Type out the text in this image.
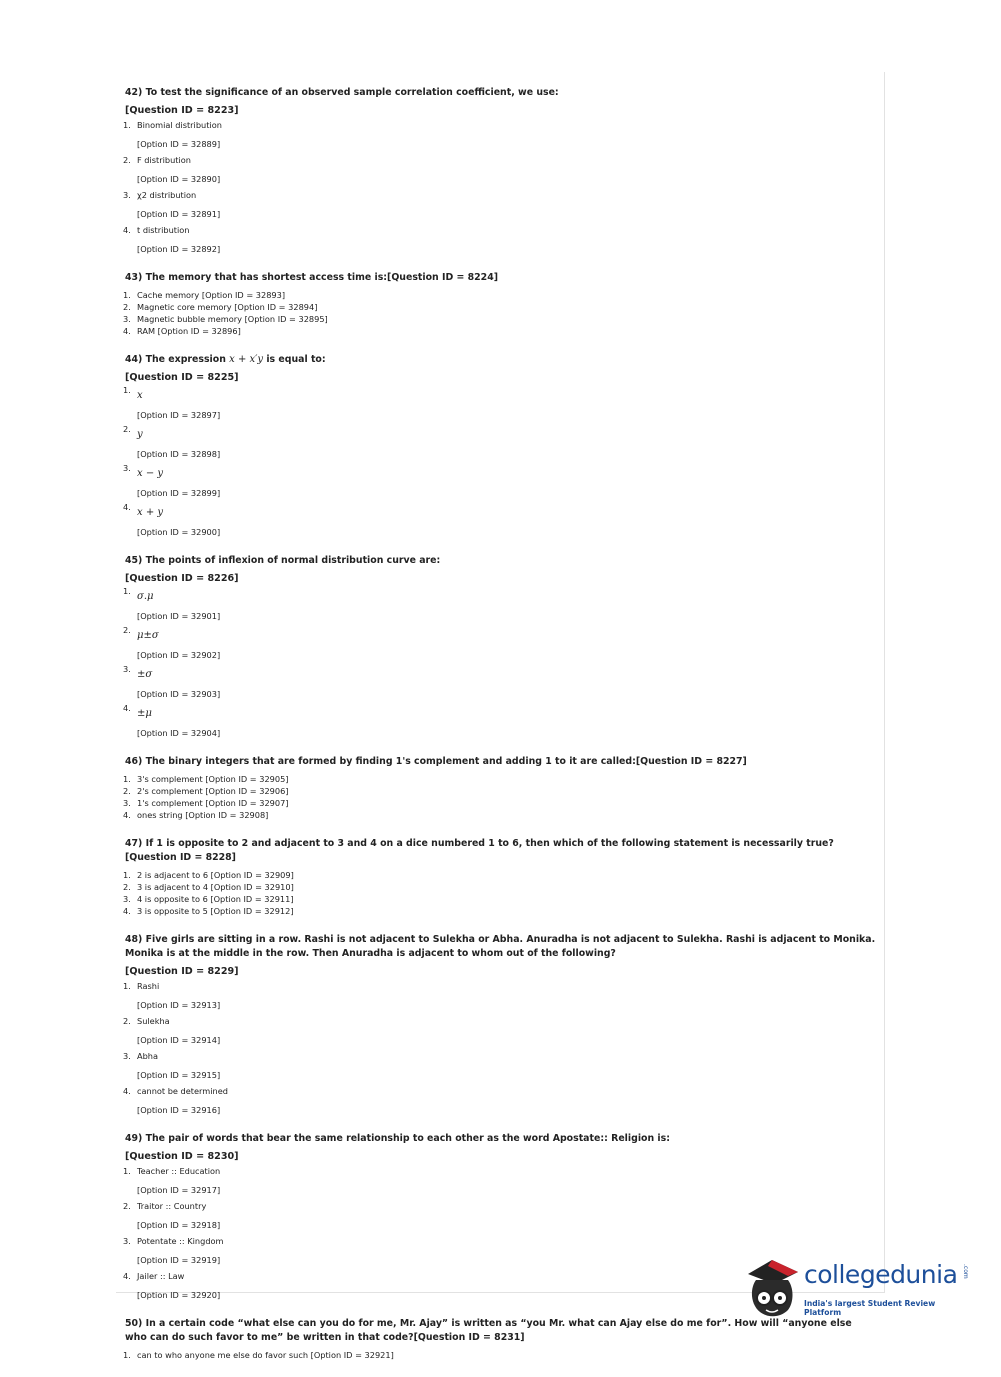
42) To test the significance of an observed sample correlation coefficient, we use:
[Question ID = 8223]
1. Binomial distribution
[Option ID = 32889]
2. F distribution
[Option ID = 32890]
3. χ2 distribution
[Option ID = 32891]
4. t distribution
[Option ID = 32892]
43) The memory that has shortest access time is:[Question ID = 8224]
1. Cache memory [Option ID = 32893]
2. Magnetic core memory [Option ID = 32894]
3. Magnetic bubble memory [Option ID = 32895]
4. RAM [Option ID = 32896]
44) The expression x + x′y is equal to:
[Question ID = 8225]
1. x
[Option ID = 32897]
2. y
[Option ID = 32898]
3. x − y
[Option ID = 32899]
4. x + y
[Option ID = 32900]
45) The points of inflexion of normal distribution curve are:
[Question ID = 8226]
1. σ.μ
[Option ID = 32901]
2. μ±σ
[Option ID = 32902]
3. ±σ
[Option ID = 32903]
4. ±μ
[Option ID = 32904]
46) The binary integers that are formed by finding 1's complement and adding 1 to it are called:[Question ID = 8227]
1. 3's complement [Option ID = 32905]
2. 2's complement [Option ID = 32906]
3. 1's complement [Option ID = 32907]
4. ones string [Option ID = 32908]
47) If 1 is opposite to 2 and adjacent to 3 and 4 on a dice numbered 1 to 6, then which of the following statement is necessarily true?[Question ID = 8228]
1. 2 is adjacent to 6 [Option ID = 32909]
2. 3 is adjacent to 4 [Option ID = 32910]
3. 4 is opposite to 6 [Option ID = 32911]
4. 3 is opposite to 5 [Option ID = 32912]
48) Five girls are sitting in a row. Rashi is not adjacent to Sulekha or Abha. Anuradha is not adjacent to Sulekha. Rashi is adjacent to Monika. Monika is at the middle in the row. Then Anuradha is adjacent to whom out of the following?
[Question ID = 8229]
1. Rashi
[Option ID = 32913]
2. Sulekha
[Option ID = 32914]
3. Abha
[Option ID = 32915]
4. cannot be determined
[Option ID = 32916]
49) The pair of words that bear the same relationship to each other as the word Apostate:: Religion is:
[Question ID = 8230]
1. Teacher :: Education
[Option ID = 32917]
2. Traitor :: Country
[Option ID = 32918]
3. Potentate :: Kingdom
[Option ID = 32919]
4. Jailer :: Law
[Option ID = 32920]
50) In a certain code “what else can you do for me, Mr. Ajay” is written as “you Mr. what can Ajay else do me for”. How will “anyone else who can do such favor to me” be written in that code?[Question ID = 8231]
1. can to who anyone me else do favor such [Option ID = 32921]
collegedunia .com
India's largest Student Review Platform
